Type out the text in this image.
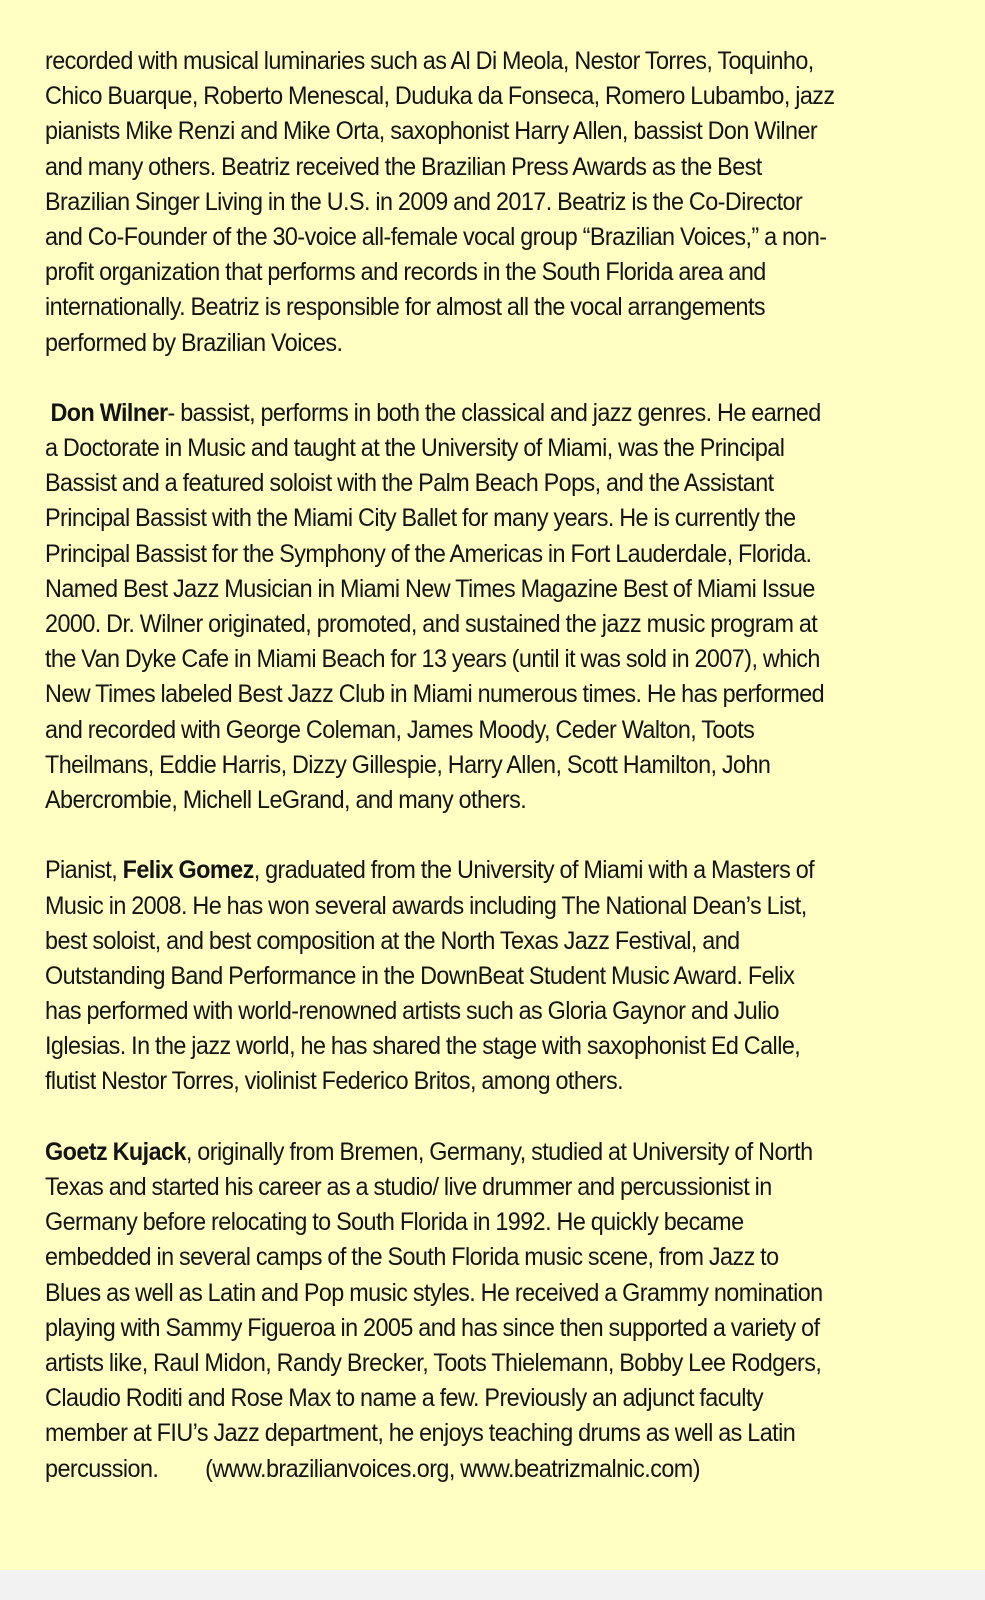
recorded with musical luminaries such as Al Di Meola, Nestor Torres, Toquinho,
Chico Buarque, Roberto Menescal, Duduka da Fonseca, Romero Lubambo, jazz
pianists Mike Renzi and Mike Orta, saxophonist Harry Allen, bassist Don Wilner
and many others. Beatriz received the Brazilian Press Awards as the Best
Brazilian Singer Living in the U.S. in 2009 and 2017. Beatriz is the Co-Director
and Co-Founder of the 30-voice all-female vocal group “Brazilian Voices,” a non-
profit organization that performs and records in the South Florida area and
internationally. Beatriz is responsible for almost all the vocal arrangements
performed by Brazilian Voices.
Don Wilner- bassist, performs in both the classical and jazz genres. He earned
a Doctorate in Music and taught at the University of Miami, was the Principal
Bassist and a featured soloist with the Palm Beach Pops, and the Assistant
Principal Bassist with the Miami City Ballet for many years. He is currently the
Principal Bassist for the Symphony of the Americas in Fort Lauderdale, Florida.
Named Best Jazz Musician in Miami New Times Magazine Best of Miami Issue
2000. Dr. Wilner originated, promoted, and sustained the jazz music program at
the Van Dyke Cafe in Miami Beach for 13 years (until it was sold in 2007), which
New Times labeled Best Jazz Club in Miami numerous times. He has performed
and recorded with George Coleman, James Moody, Ceder Walton, Toots
Theilmans, Eddie Harris, Dizzy Gillespie, Harry Allen, Scott Hamilton, John
Abercrombie, Michell LeGrand, and many others.
Pianist, Felix Gomez, graduated from the University of Miami with a Masters of
Music in 2008. He has won several awards including The National Dean’s List,
best soloist, and best composition at the North Texas Jazz Festival, and
Outstanding Band Performance in the DownBeat Student Music Award. Felix
has performed with world-renowned artists such as Gloria Gaynor and Julio
Iglesias. In the jazz world, he has shared the stage with saxophonist Ed Calle,
flutist Nestor Torres, violinist Federico Britos, among others.
Goetz Kujack, originally from Bremen, Germany, studied at University of North
Texas and started his career as a studio/ live drummer and percussionist in
Germany before relocating to South Florida in 1992. He quickly became
embedded in several camps of the South Florida music scene, from Jazz to
Blues as well as Latin and Pop music styles. He received a Grammy nomination
playing with Sammy Figueroa in 2005 and has since then supported a variety of
artists like, Raul Midon, Randy Brecker, Toots Thielemann, Bobby Lee Rodgers,
Claudio Roditi and Rose Max to name a few. Previously an adjunct faculty
member at FIU’s Jazz department, he enjoys teaching drums as well as Latin
percussion. (www.brazilianvoices.org, www.beatrizmalnic.com)
